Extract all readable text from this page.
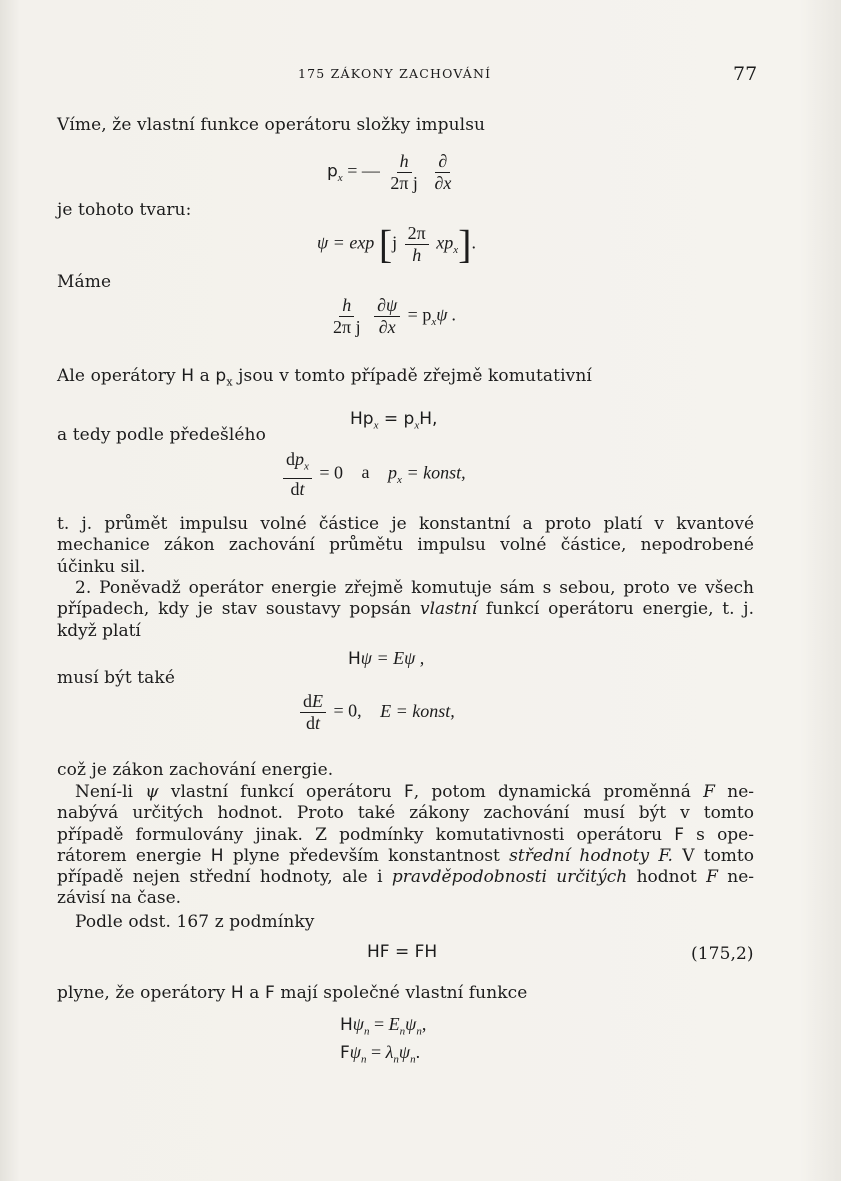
175 ZÁKONY ZACHOVÁNÍ	77
Víme, že vlastní funkce operátoru složky impulsu
je tohoto tvaru:
Máme
$p_x$ = — $\frac{h}{\text{2π j}}$
$\frac{\partial}{\partial x}$
$\psi = \exp [j \frac{2\pi}{h} xp_x]$.
$\frac{h}{\text{2π j}}$
$\frac{\partial\psi}{\partial x} = p_x\psi$ .
Ale operátory H a $p_x$ jsou v tomto případě zřejmě komutativní
$Hp_x = p_xH$,
a tedy podle předešlého
$\frac{dp_x}{dt} = 0$ a $p_x$ = konst,
t. j. průmět impulsu volné částice je konstantní a proto platí v kvantové
mechanice zákon zachování průmětu impulsu volné částice, nepodrobené
účinku sil.
2. Poněvadž operátor energie zřejmě komutuje sám s sebou, proto ve všech
případech, kdy je stav soustavy popsán vlastní funkcí operátoru energie, t. j.
když platí
Hψ = Eψ ,
musí být také
$\frac{dE}{dt} = 0$, E = konst,
což je zákon zachování energie.
Není-li ψ vlastní funkcí operátoru F, potom dynamická proměnná F ne-
nabývá určitých hodnot. Proto také zákony zachování musí být v tomto
případě formulovány jinak. Z podmínky komutativnosti operátoru F s ope-
rátorem energie H plyne především konstantnost střední hodnoty F. V tomto
případě nejen střední hodnoty, ale i pravděpodobnosti určitých hodnot F ne-
závisí na čase.
Podle odst. 167 z podmínky
HF = FH	(175,2)
plyne, že operátory H a F mají společné vlastní funkce
$H\psi_n = E_n\psi_n$,
$F\psi_n = \lambda_n\psi_n$.
